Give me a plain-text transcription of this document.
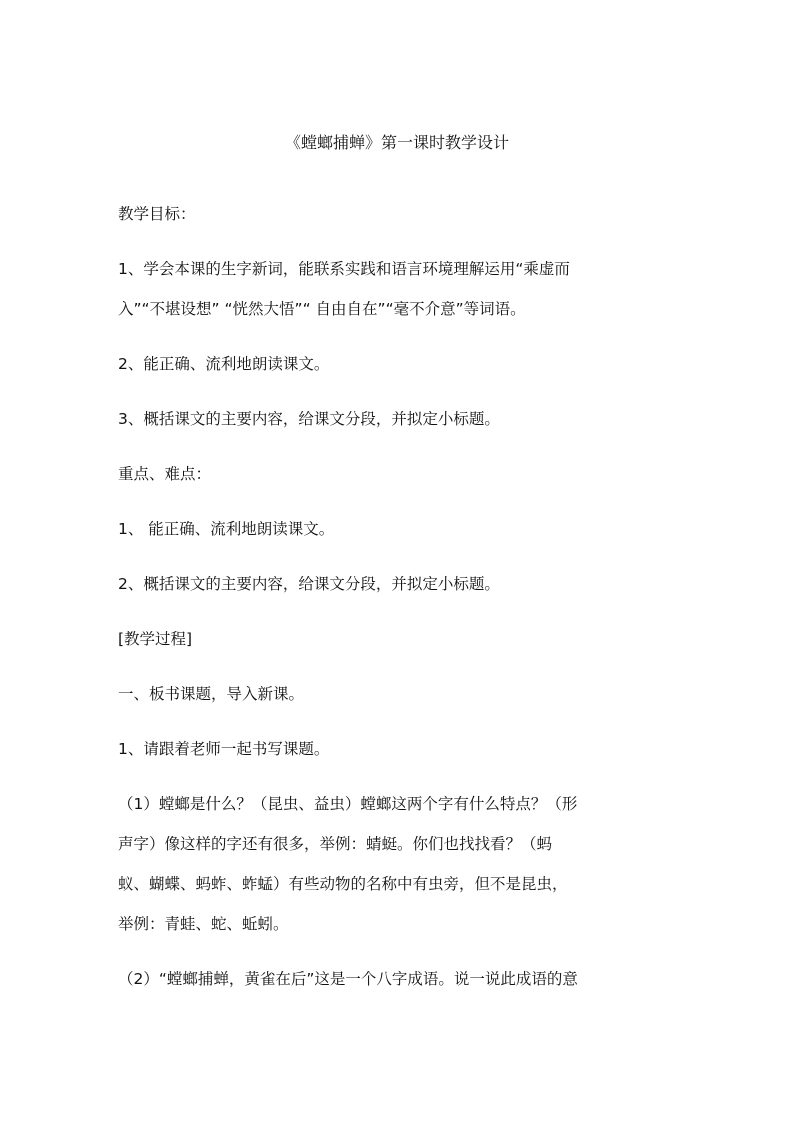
《螳螂捕蝉》第一课时教学设计
教学目标：
1、学会本课的生字新词，能联系实践和语言环境理解运用“乘虚而
入”“不堪设想” “恍然大悟”“ 自由自在”“毫不介意”等词语。
2、能正确、流利地朗读课文。
3、概括课文的主要内容，给课文分段，并拟定小标题。
重点、难点：
1、 能正确、流利地朗读课文。
2、概括课文的主要内容，给课文分段，并拟定小标题。
[教学过程]
一、板书课题，导入新课。
1、请跟着老师一起书写课题。
（1）螳螂是什么？（昆虫、益虫）螳螂这两个字有什么特点？（形
声字）像这样的字还有很多，举例：蜻蜓。你们也找找看？（蚂
蚁、蝴蝶、蚂蚱、蚱蜢）有些动物的名称中有虫旁，但不是昆虫，
举例：青蛙、蛇、蚯蚓。
（2）“螳螂捕蝉，黄雀在后”这是一个八字成语。说一说此成语的意
